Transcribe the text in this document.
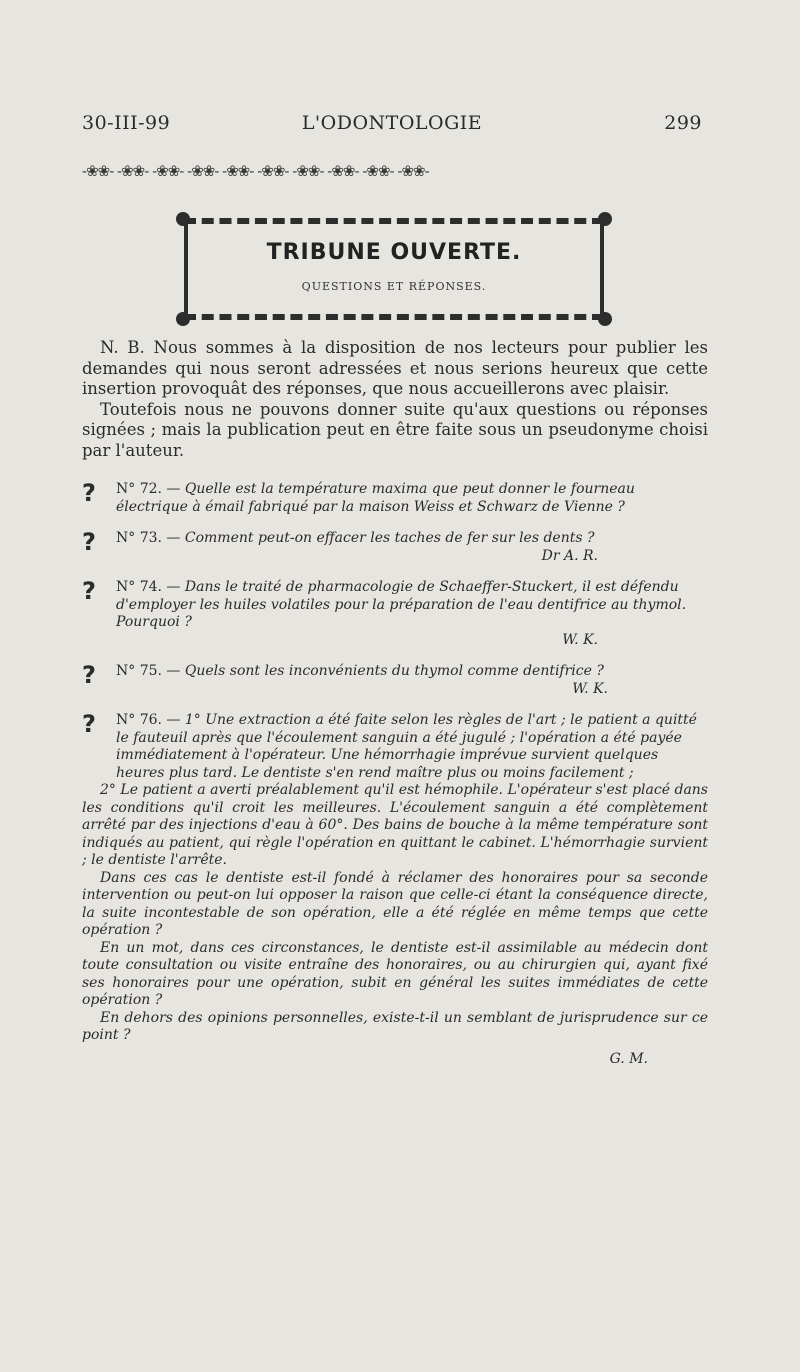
30-III-99	L'ODONTOLOGIE	299
-❀❀- -❀❀- -❀❀- -❀❀- -❀❀- -❀❀- -❀❀- -❀❀- -❀❀- -❀❀-
TRIBUNE OUVERTE.
QUESTIONS ET RÉPONSES.

N. B. Nous sommes à la disposition de nos lecteurs pour publier les demandes qui nous seront adressées et nous serions heureux que cette insertion provoquât des réponses, que nous accueillerons avec plaisir.

Toutefois nous ne pouvons donner suite qu'aux questions ou réponses signées ; mais la publication peut en être faite sous un pseudonyme choisi par l'auteur.

? N° 72. — Quelle est la température maxima que peut donner le fourneau électrique à émail fabriqué par la maison Weiss et Schwarz de Vienne ?
? N° 73. — Comment peut-on effacer les taches de fer sur les dents ?
Dr A. R.
? N° 74. — Dans le traité de pharmacologie de Schaeffer-Stuckert, il est défendu d'employer les huiles volatiles pour la préparation de l'eau dentifrice au thymol. Pourquoi ?
W. K.
? N° 75. — Quels sont les inconvénients du thymol comme dentifrice ?
W. K.
? N° 76. — 1° Une extraction a été faite selon les règles de l'art ; le patient a quitté le fauteuil après que l'écoulement sanguin a été jugulé ; l'opération a été payée immédiatement à l'opérateur. Une hémorrhagie imprévue survient quelques heures plus tard. Le dentiste s'en rend maître plus ou moins facilement ;

2° Le patient a averti préalablement qu'il est hémophile. L'opérateur s'est placé dans les conditions qu'il croit les meilleures. L'écoulement sanguin a été complètement arrêté par des injections d'eau à 60°. Des bains de bouche à la même température sont indiqués au patient, qui règle l'opération en quittant le cabinet. L'hémorrhagie survient ; le dentiste l'arrête.

Dans ces cas le dentiste est-il fondé à réclamer des honoraires pour sa seconde intervention ou peut-on lui opposer la raison que celle-ci étant la conséquence directe, la suite incontestable de son opération, elle a été réglée en même temps que cette opération ?

En un mot, dans ces circonstances, le dentiste est-il assimilable au médecin dont toute consultation ou visite entraîne des honoraires, ou au chirurgien qui, ayant fixé ses honoraires pour une opération, subit en général les suites immédiates de cette opération ?

En dehors des opinions personnelles, existe-t-il un semblant de jurisprudence sur ce point ?

G. M.
